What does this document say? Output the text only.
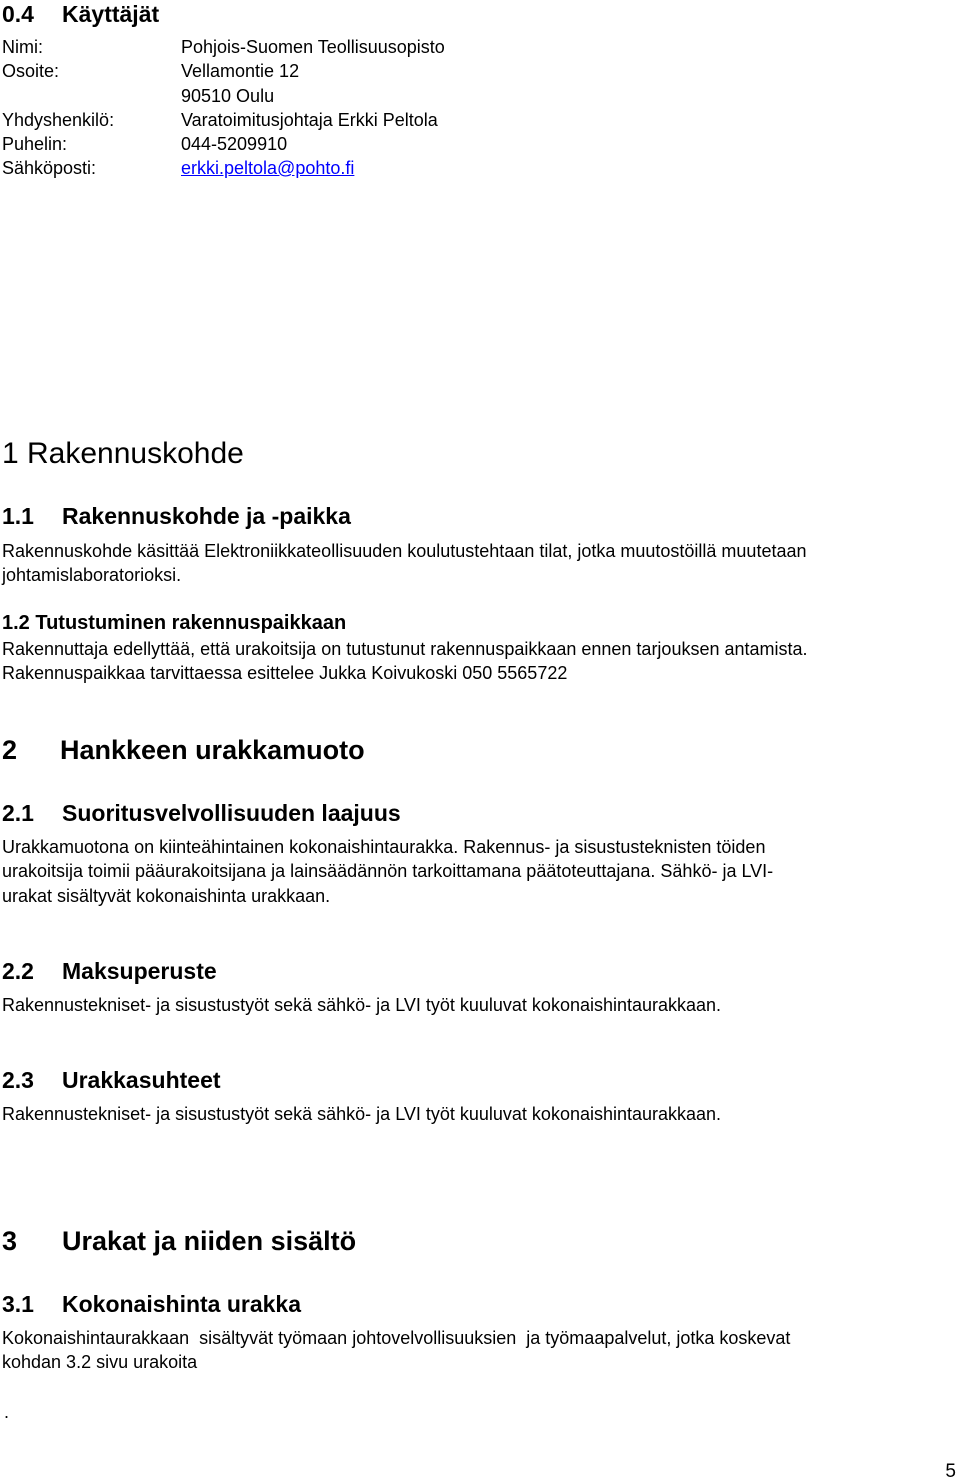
0.4 Käyttäjät
Nimi:	Pohjois-Suomen Teollisuusopisto
Osoite:	Vellamontie 12
90510 Oulu
Yhdyshenkilö:	Varatoimitusjohtaja Erkki Peltola
Puhelin:	044-5209910
Sähköposti:	erkki.peltola@pohto.fi
1 Rakennuskohde
1.1 Rakennuskohde ja -paikka
Rakennuskohde käsittää Elektroniikkateollisuuden koulutustehtaan tilat, jotka muutostöillä muutetaan
johtamislaboratorioksi.
1.2 Tutustuminen rakennuspaikkaan
Rakennuttaja edellyttää, että urakoitsija on tutustunut rakennuspaikkaan ennen tarjouksen antamista.
Rakennuspaikkaa tarvittaessa esittelee Jukka Koivukoski 050 5565722
2 Hankkeen urakkamuoto
2.1 Suoritusvelvollisuuden laajuus
Urakkamuotona on kiinteähintainen kokonaishintaurakka. Rakennus- ja sisustusteknisten töiden
urakoitsija toimii pääurakoitsijana ja lainsäädännön tarkoittamana päätoteuttajana. Sähkö- ja LVI-
urakat sisältyvät kokonaishinta urakkaan.
2.2 Maksuperuste
Rakennustekniset- ja sisustustyöt sekä sähkö- ja LVI työt kuuluvat kokonaishintaurakkaan.
2.3 Urakkasuhteet
Rakennustekniset- ja sisustustyöt sekä sähkö- ja LVI työt kuuluvat kokonaishintaurakkaan.
3 Urakat ja niiden sisältö
3.1 Kokonaishinta urakka
Kokonaishintaurakkaan  sisältyvät työmaan johtovelvollisuuksien  ja työmaapalvelut, jotka koskevat
kohdan 3.2 sivu urakoita
.
5
